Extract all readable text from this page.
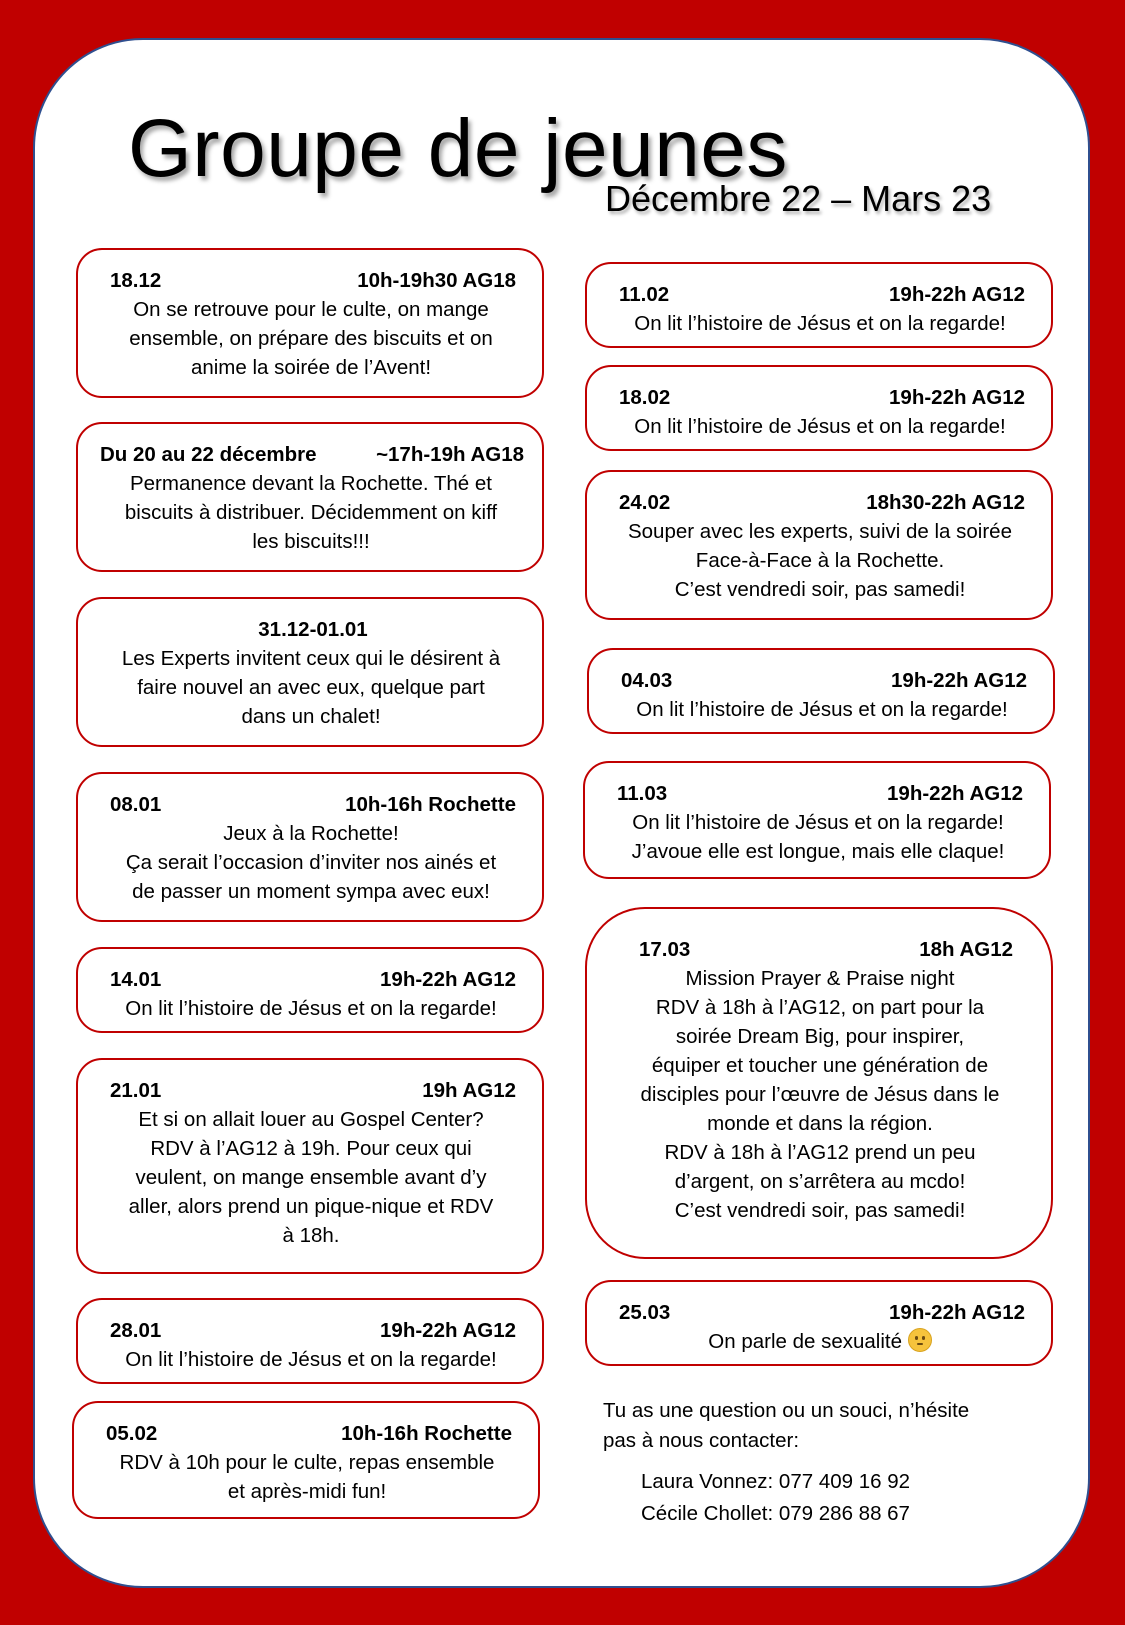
Groupe de jeunes
Décembre 22 – Mars 23
18.12	10h-19h30 AG18
On se retrouve pour le culte, on mange
ensemble, on prépare des biscuits et on
anime la soirée de l’Avent!
Du 20 au 22 décembre	~17h-19h AG18
Permanence devant la Rochette. Thé et
biscuits à distribuer. Décidemment on kiff
les biscuits!!!
31.12-01.01
Les Experts invitent ceux qui le désirent à
faire nouvel an avec eux, quelque part
dans un chalet!
08.01	10h-16h Rochette
Jeux à la Rochette!
Ça serait l’occasion d’inviter nos ainés et
de passer un moment sympa avec eux!
14.01	19h-22h AG12
On lit l’histoire de Jésus et on la regarde!
21.01	19h AG12
Et si on allait louer au Gospel Center?
RDV à l’AG12 à 19h. Pour ceux qui
veulent, on mange ensemble avant d’y
aller, alors prend un pique-nique et RDV
à 18h.
28.01	19h-22h AG12
On lit l’histoire de Jésus et on la regarde!
05.02	10h-16h Rochette
RDV à 10h pour le culte, repas ensemble
et après-midi fun!
11.02	19h-22h AG12
On lit l’histoire de Jésus et on la regarde!
18.02	19h-22h AG12
On lit l’histoire de Jésus et on la regarde!
24.02	18h30-22h AG12
Souper avec les experts, suivi de la soirée
Face-à-Face à la Rochette.
C’est vendredi soir, pas samedi!
04.03	19h-22h AG12
On lit l’histoire de Jésus et on la regarde!
11.03	19h-22h AG12
On lit l’histoire de Jésus et on la regarde!
J’avoue elle est longue, mais elle claque!
17.03	18h AG12
Mission Prayer & Praise night
RDV à 18h à l’AG12, on part pour la
soirée Dream Big, pour inspirer,
équiper et toucher une génération de
disciples pour l’œuvre de Jésus dans le
monde et dans la région.
RDV à 18h à l’AG12 prend un peu
d’argent, on s’arrêtera au mcdo!
C’est vendredi soir, pas samedi!
25.03	19h-22h AG12
On parle de sexualité
Tu as une question ou un souci, n’hésite
pas à nous contacter:
Laura Vonnez: 077 409 16 92
Cécile Chollet: 079 286 88 67
